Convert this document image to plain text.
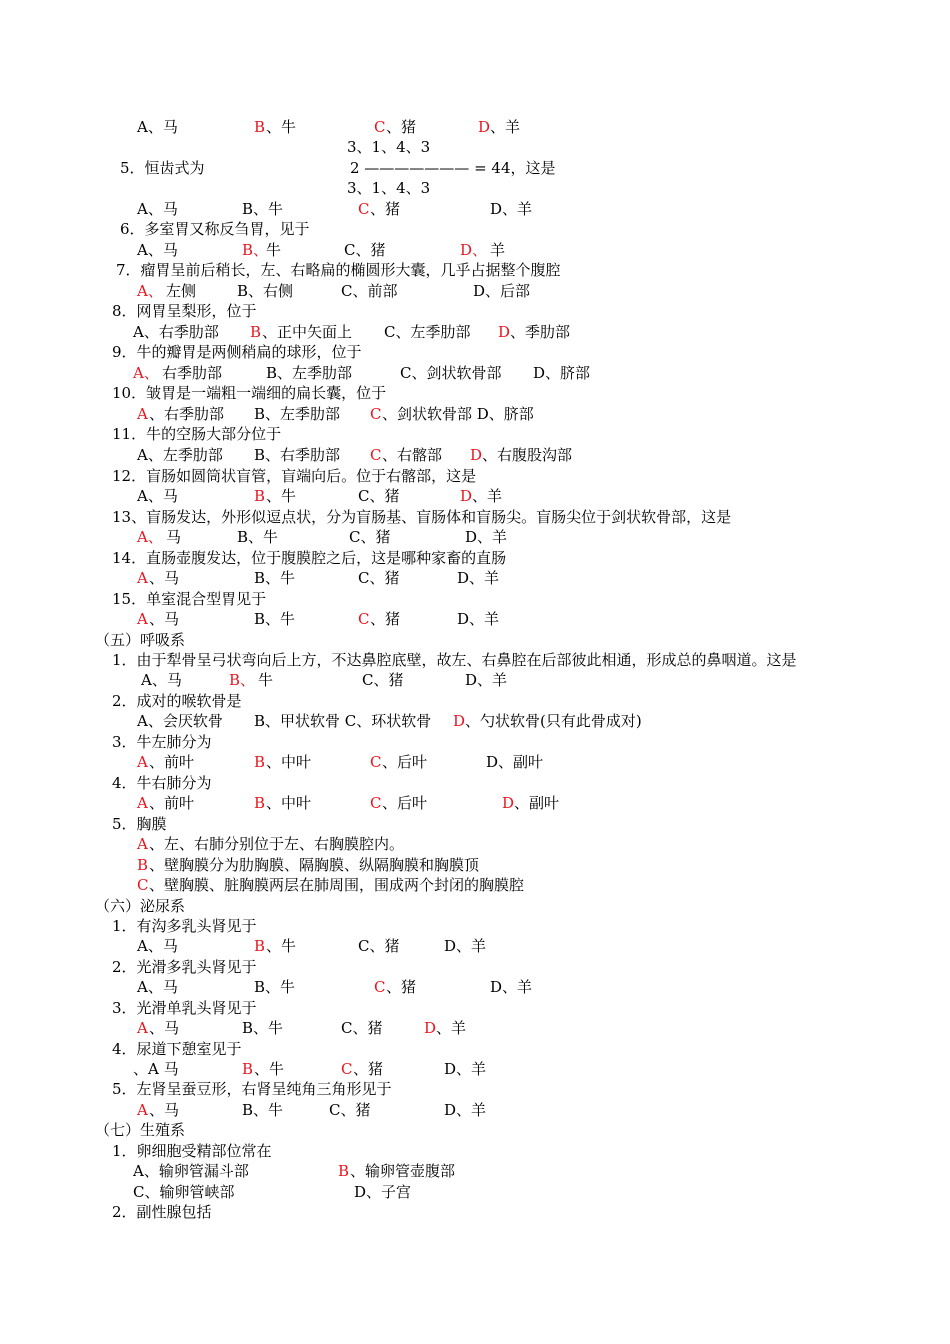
A、马	B 、牛	C 、猪	D 、羊
3、1、4、3
5．恒齿式为	2 ——————— = 44，这是
3、1、4、3
A、马	B、牛	C 、猪	D、羊
6．多室胃又称反刍胃，见于
A、马	B、
牛	C、猪	D、 羊
7．瘤胃呈前后稍长，左、右略扁的椭圆形大囊，几乎占据整个腹腔
A、 左侧	B、右侧	C、前部	D、后部
8．网胃呈梨形，位于
A、右季肋部 B 、正中矢面上 C、左季肋部 D 、季肋部
9．牛的瓣胃是两侧稍扁的球形，位于
A、 右季肋部	B、左季肋部	C、剑状软骨部 D、脐部
10．皱胃是一端粗一端细的扁长囊，位于
A 、右季肋部 B、左季肋部 C 、剑状软骨部 D、脐部
11．牛的空肠大部分位于
A、左季肋部 B、右季肋部 C 、右髂部 D 、右腹股沟部
12．盲肠如圆筒状盲管，盲端向后。位于右髂部，这是
A、马	B 、牛	C、猪	D 、羊
13、盲肠发达，外形似逗点状，分为盲肠基、盲肠体和盲肠尖。盲肠尖位于剑状软骨部，这是
A、 马	B、牛	C、猪	D、羊
14．直肠壶腹发达，位于腹膜腔之后，这是哪种家畜的直肠
A 、马	B、牛	C、猪	D、羊
15．单室混合型胃见于
A 、马	B、牛	C 、猪	D、羊
（五）呼吸系
1．由于犁骨呈弓状弯向后上方，不达鼻腔底壁，故左、右鼻腔在后部彼此相通，形成总的鼻咽道。这是
A、马	B、 牛	C、猪	D、羊
2．成对的喉软骨是
A、会厌软骨 B、甲状软骨 C、环状软骨 D 、勺状软骨(只有此骨成对)
3．牛左肺分为
A 、前叶	B 、中叶	C 、后叶	D、副叶
4．牛右肺分为
A 、前叶	B 、中叶	C 、后叶	D 、副叶
5．胸膜
A 、左、右肺分别位于左、右胸膜腔内。
B 、壁胸膜分为肋胸膜、隔胸膜、纵隔胸膜和胸膜顶
C 、壁胸膜、脏胸膜两层在肺周围，围成两个封闭的胸膜腔
（六）泌尿系
1．有沟多乳头肾见于
A、马	B 、牛	C、猪	D、羊
2．光滑多乳头肾见于
A、马	B、牛	C 、猪	D、羊
3．光滑单乳头肾见于
A 、马	B、牛	C、猪	D 、羊
4．尿道下憩室见于
、A 马	B 、牛	C 、猪	D、羊
5．左肾呈蚕豆形，右肾呈纯角三角形见于
A 、马	B、牛	C、猪	D、羊
（七）生殖系
1．卵细胞受精部位常在
A、输卵管漏斗部	B 、输卵管壶腹部
C、输卵管峡部	D、子宫
2．副性腺包括
